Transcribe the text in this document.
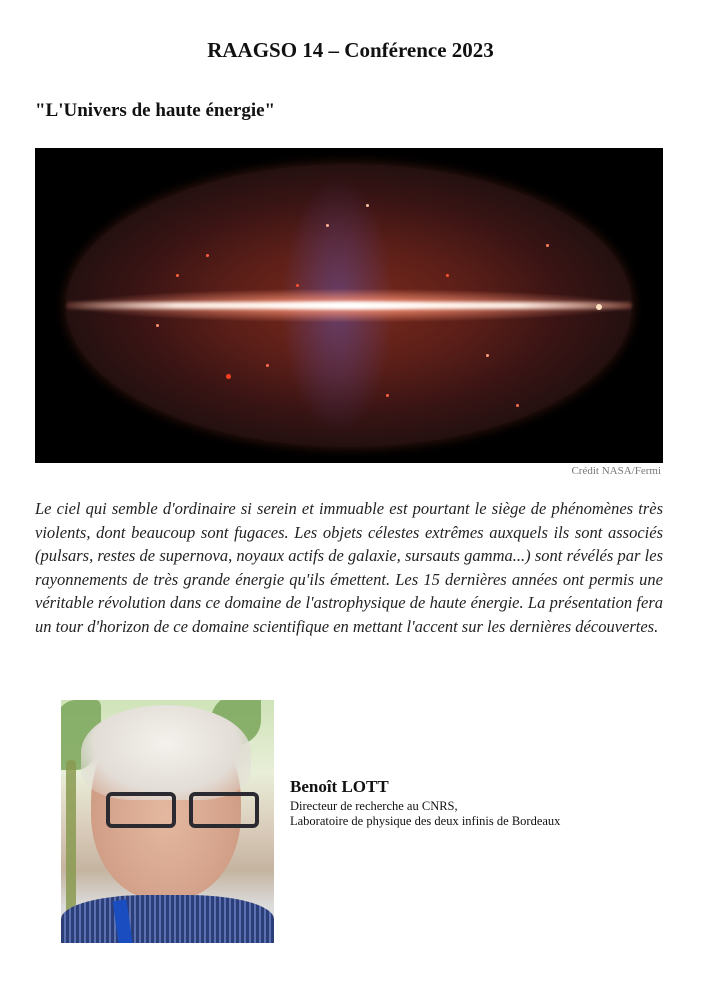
RAAGSO 14 – Conférence 2023
"L'Univers de haute énergie"
Crédit NASA/Fermi
Le ciel qui semble d'ordinaire si serein et immuable est pourtant le siège de phénomènes très violents, dont beaucoup sont fugaces. Les objets célestes extrêmes auxquels ils sont associés (pulsars, restes de supernova, noyaux actifs de galaxie, sursauts gamma...) sont révélés par les rayonnements de très grande énergie qu'ils émettent. Les 15 dernières années ont permis une véritable révolution dans ce domaine de l'astrophysique de haute énergie. La présentation fera un tour d'horizon de ce domaine scientifique en mettant l'accent sur les dernières découvertes.
Benoît LOTT
Directeur de recherche au CNRS,
Laboratoire de physique des deux infinis de Bordeaux
